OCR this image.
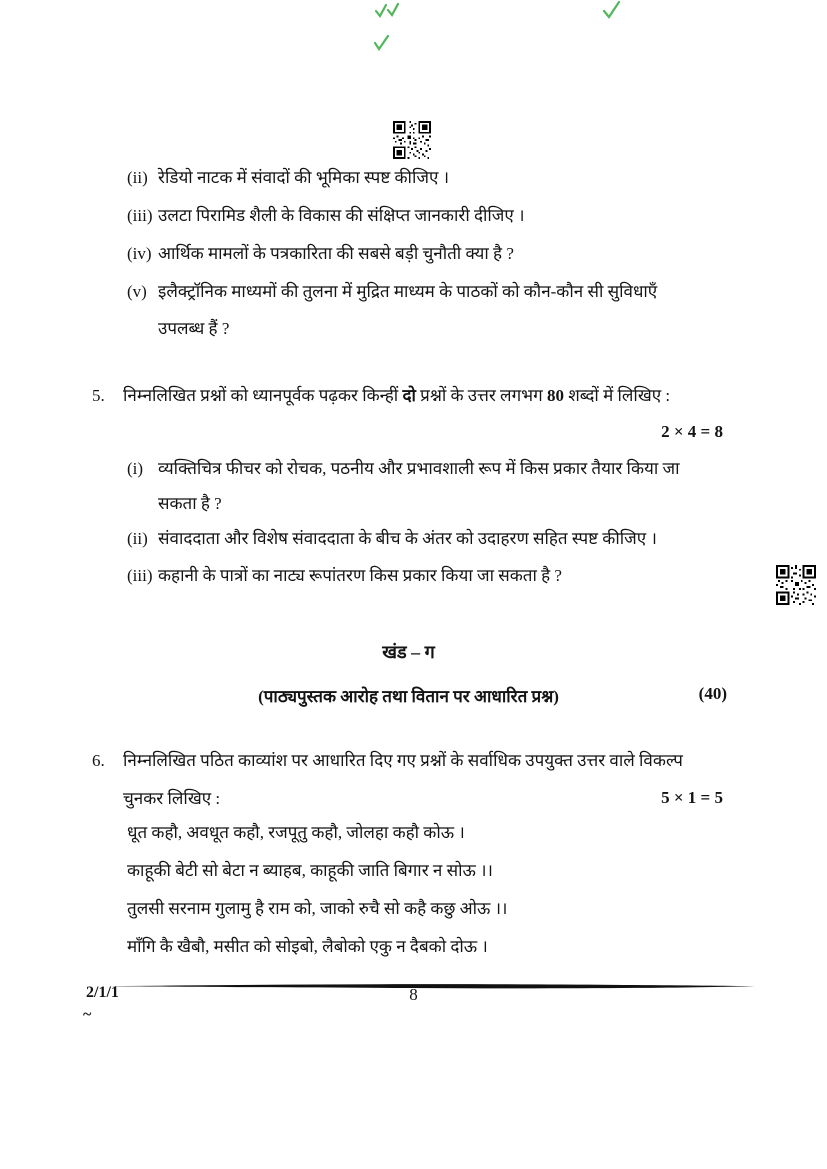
(ii) रेडियो नाटक में संवादों की भूमिका स्पष्ट कीजिए ।
(iii) उलटा पिरामिड शैली के विकास की संक्षिप्त जानकारी दीजिए ।
(iv) आर्थिक मामलों के पत्रकारिता की सबसे बड़ी चुनौती क्या है ?
(v) इलैक्ट्रॉनिक माध्यमों की तुलना में मुद्रित माध्यम के पाठकों को कौन-कौन सी सुविधाएँ
उपलब्ध हैं ?
5. निम्नलिखित प्रश्नों को ध्यानपूर्वक पढ़कर किन्हीं दो प्रश्नों के उत्तर लगभग 80 शब्दों में लिखिए :
2 × 4 = 8
(i) व्यक्तिचित्र फीचर को रोचक, पठनीय और प्रभावशाली रूप में किस प्रकार तैयार किया जा
सकता है ?
(ii) संवाददाता और विशेष संवाददाता के बीच के अंतर को उदाहरण सहित स्पष्ट कीजिए ।
(iii) कहानी के पात्रों का नाट्य रूपांतरण किस प्रकार किया जा सकता है ?
खंड – ग
(पाठ्यपुस्तक आरोह तथा वितान पर आधारित प्रश्न)	(40)
6. निम्नलिखित पठित काव्यांश पर आधारित दिए गए प्रश्नों के सर्वाधिक उपयुक्त उत्तर वाले विकल्प
चुनकर लिखिए :	5 × 1 = 5
धूत कहौ, अवधूत कहौ, रजपूतु कहौ, जोलहा कहौ कोऊ ।
काहूकी बेटी सो बेटा न ब्याहब, काहूकी जाति बिगार न सोऊ ।।
तुलसी सरनाम गुलामु है राम को, जाको रुचै सो कहै कछु ओऊ ।।
माँगि कै खैबौ, मसीत को सोइबो, लैबोको एकु न दैबको दोऊ ।
2/1/1	8
~
